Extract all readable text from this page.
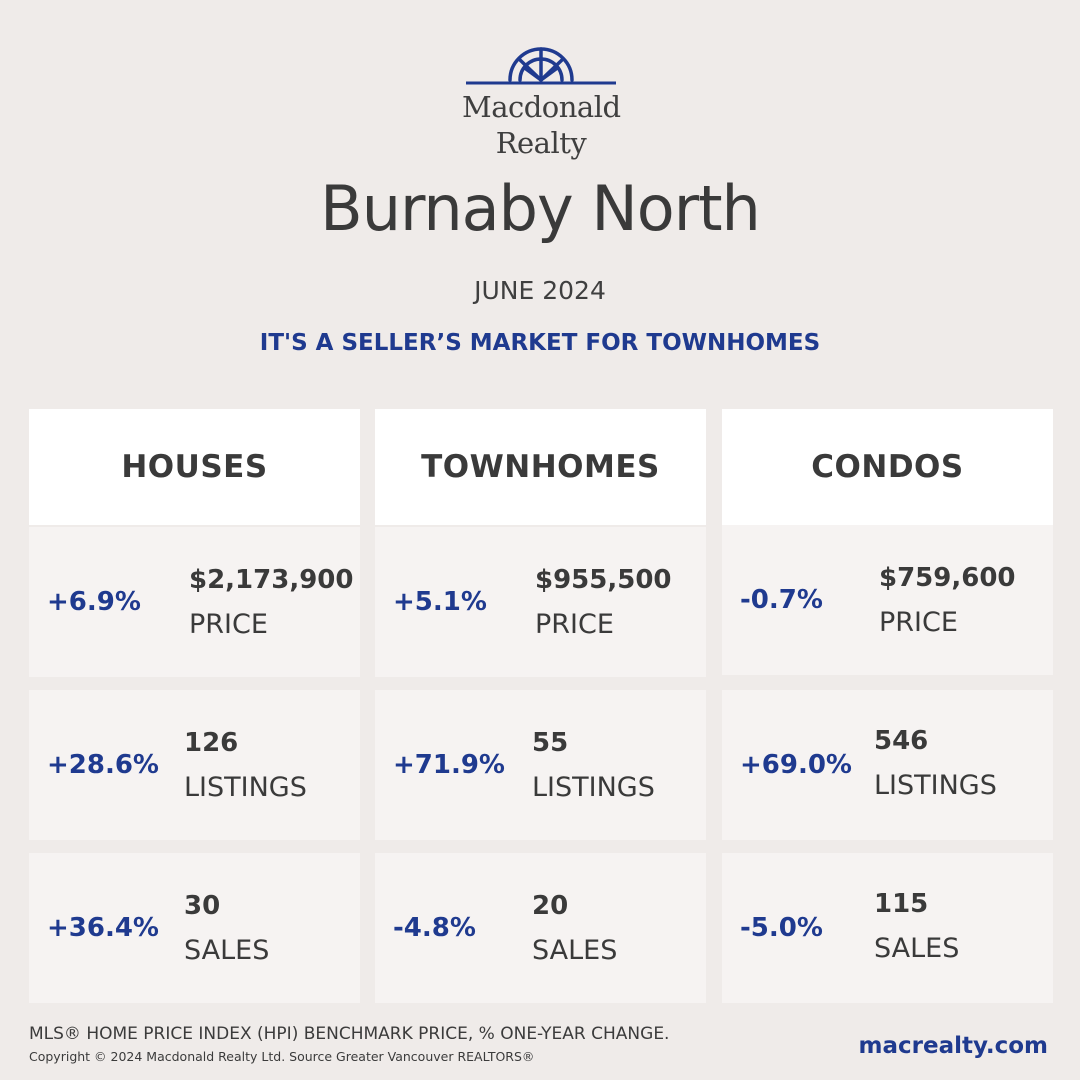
Macdonald
Realty
Burnaby North
JUNE 2024
IT'S A SELLER’S MARKET FOR TOWNHOMES
HOUSES
+6.9%
$2,173,900
PRICE
+28.6%
126
LISTINGS
+36.4%
30
SALES
TOWNHOMES
+5.1%
$955,500
PRICE
+71.9%
55
LISTINGS
-4.8%
20
SALES
CONDOS
-0.7%
$759,600
PRICE
+69.0%
546
LISTINGS
-5.0%
115
SALES
MLS® HOME PRICE INDEX (HPI) BENCHMARK PRICE, % ONE-YEAR CHANGE.
Copyright © 2024 Macdonald Realty Ltd. Source Greater Vancouver REALTORS®	macrealty.com
